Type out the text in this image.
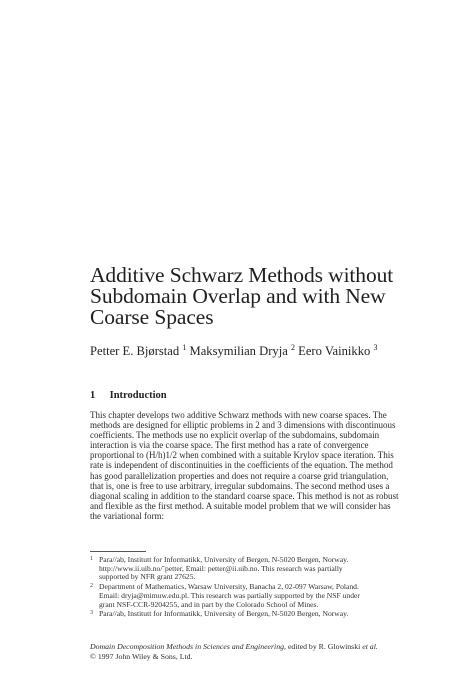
Additive Schwarz Methods without
Subdomain Overlap and with New
Coarse Spaces
Petter E. Bjørstad $^1$ Maksymilian Dryja $^2$ Eero Vainikko $^3$
1 Introduction
This chapter develops two additive Schwarz methods with new coarse spaces. The
methods are designed for elliptic problems in 2 and 3 dimensions with discontinuous
coefficients. The methods use no explicit overlap of the subdomains, subdomain
interaction is via the coarse space. The first method has a rate of convergence
proportional to (H/h)1/2 when combined with a suitable Krylov space iteration. This
rate is independent of discontinuities in the coefficients of the equation. The method
has good parallelization properties and does not require a coarse grid triangulation,
that is, one is free to use arbitrary, irregular subdomains. The second method uses a
diagonal scaling in addition to the standard coarse space. This method is not as robust
and flexible as the first method. A suitable model problem that we will consider has
the variational form:
1 Para//ab, Institutt for Informatikk, University of Bergen, N-5020 Bergen, Norway.
http://www.ii.uib.no/˜petter, Email: petter@ii.uib.no. This research was partially
supported by NFR grant 27625.
2 Department of Mathematics, Warsaw University, Banacha 2, 02-097 Warsaw, Poland.
Email: dryja@mimuw.edu.pl. This research was partially supported by the NSF under
grant NSF-CCR-9204255, and in part by the Colorado School of Mines.
3 Para//ab, Institutt for Informatikk, University of Bergen, N-5020 Bergen, Norway.
Domain Decomposition Methods in Sciences and Engineering, edited by R. Glowinski et al.
© 1997 John Wiley & Sons, Ltd.
